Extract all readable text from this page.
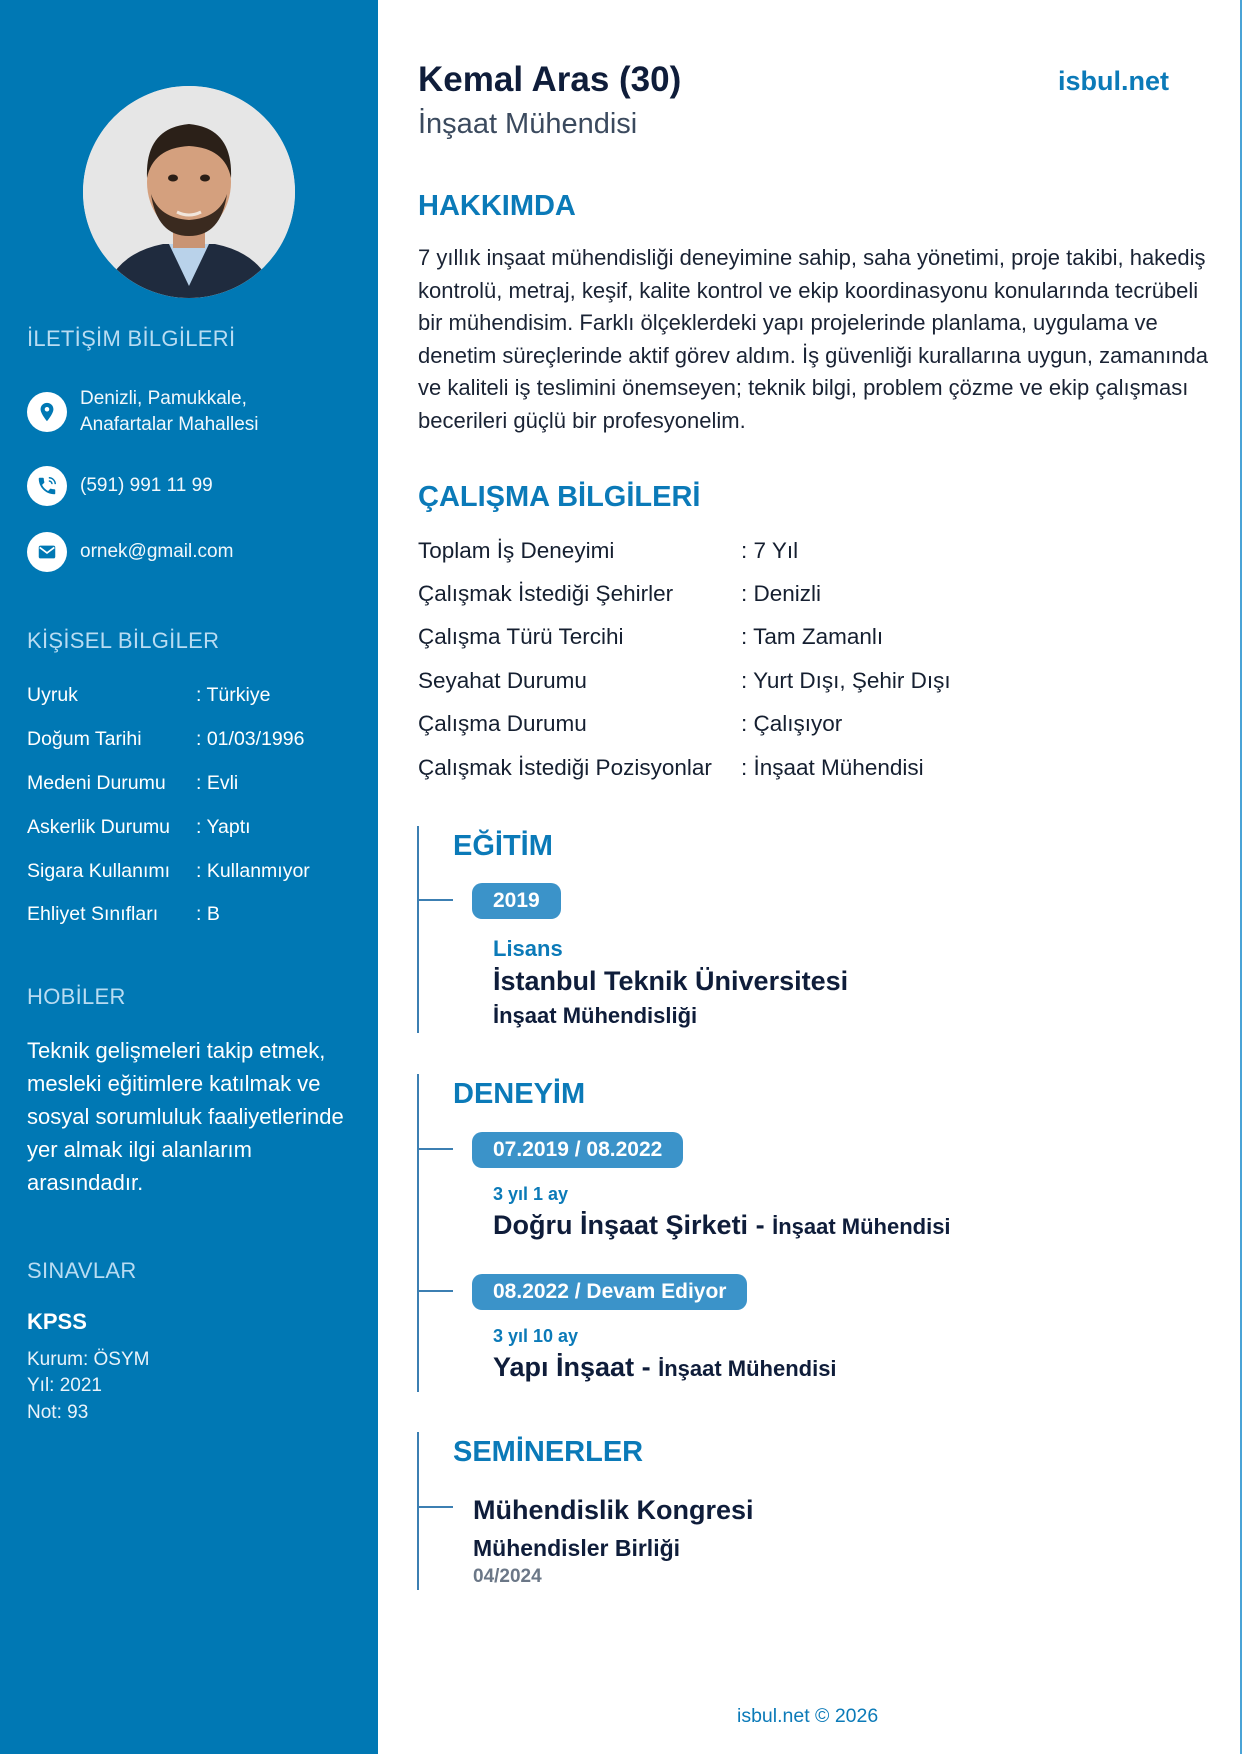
İLETİŞİM BİLGİLERİ
Denizli, Pamukkale,
Anafartalar Mahallesi
(591) 991 11 99
ornek@gmail.com
KİŞİSEL BİLGİLER
Uyruk	: Türkiye
Doğum Tarihi	: 01/03/1996
Medeni Durumu	: Evli
Askerlik Durumu	: Yaptı
Sigara Kullanımı	: Kullanmıyor
Ehliyet Sınıfları	: B
HOBİLER
Teknik gelişmeleri takip etmek, mesleki eğitimlere katılmak ve sosyal sorumluluk faaliyetlerinde yer almak ilgi alanlarım arasındadır.
SINAVLAR
KPSS
Kurum: ÖSYM
Yıl: 2021
Not: 93
Kemal Aras (30)
İnşaat Mühendisi
isbul.net
HAKKIMDA
7 yıllık inşaat mühendisliği deneyimine sahip, saha yönetimi, proje takibi, hakediş kontrolü, metraj, keşif, kalite kontrol ve ekip koordinasyonu konularında tecrübeli bir mühendisim. Farklı ölçeklerdeki yapı projelerinde planlama, uygulama ve denetim süreçlerinde aktif görev aldım. İş güvenliği kurallarına uygun, zamanında ve kaliteli iş teslimini önemseyen; teknik bilgi, problem çözme ve ekip çalışması becerileri güçlü bir profesyonelim.
ÇALIŞMA BİLGİLERİ
Toplam İş Deneyimi	: 7 Yıl
Çalışmak İstediği Şehirler	: Denizli
Çalışma Türü Tercihi	: Tam Zamanlı
Seyahat Durumu	: Yurt Dışı, Şehir Dışı
Çalışma Durumu	: Çalışıyor
Çalışmak İstediği Pozisyonlar	: İnşaat Mühendisi
EĞİTİM
2019
Lisans
İstanbul Teknik Üniversitesi
İnşaat Mühendisliği
DENEYİM
07.2019 / 08.2022
3 yıl 1 ay
Doğru İnşaat Şirketi - İnşaat Mühendisi
08.2022 / Devam Ediyor
3 yıl 10 ay
Yapı İnşaat - İnşaat Mühendisi
SEMİNERLER
Mühendislik Kongresi
Mühendisler Birliği
04/2024
isbul.net © 2026
